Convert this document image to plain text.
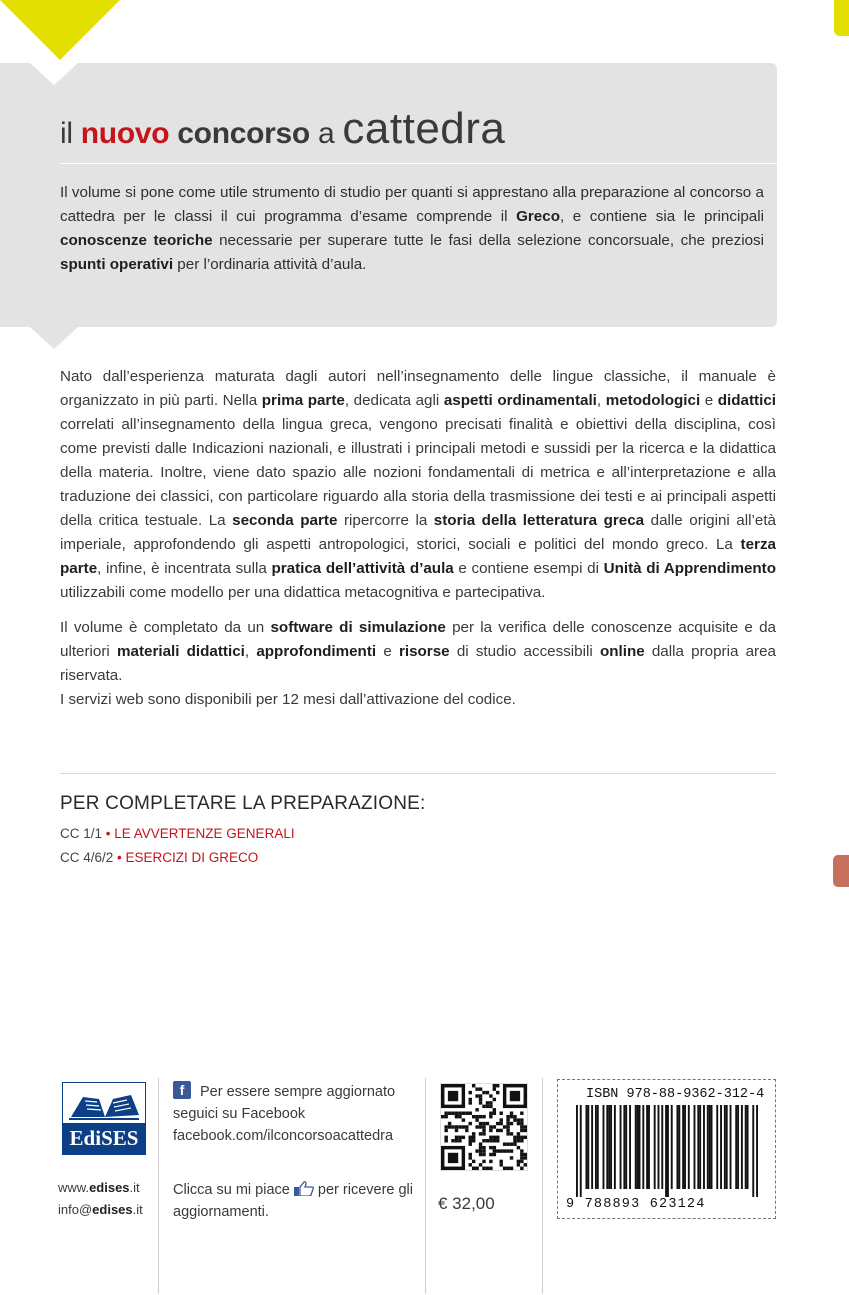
il nuovo concorso a cattedra
Il volume si pone come utile strumento di studio per quanti si apprestano alla preparazione al concorso a cattedra per le classi il cui programma d’esame comprende il Greco, e contiene sia le principali conoscenze teoriche necessarie per superare tutte le fasi della selezione concorsuale, che preziosi spunti operativi per l’ordinaria attività d’aula.

Nato dall’esperienza maturata dagli autori nell’insegnamento delle lingue classiche, il manuale è organizzato in più parti. Nella prima parte, dedicata agli aspetti ordinamentali, metodologici e didattici correlati all’insegnamento della lingua greca, vengono precisati finalità e obiettivi della disciplina, così come previsti dalle Indicazioni nazionali, e illustrati i principali metodi e sussidi per la ricerca e la didattica della materia. Inoltre, viene dato spazio alle nozioni fondamentali di metrica e all’interpretazione e alla traduzione dei classici, con particolare riguardo alla storia della trasmissione dei testi e ai principali aspetti della critica testuale. La seconda parte ripercorre la storia della letteratura greca dalle origini all’età imperiale, approfondendo gli aspetti antropologici, storici, sociali e politici del mondo greco. La terza parte, infine, è incentrata sulla pratica dell’attività d’aula e contiene esempi di Unità di Apprendimento utilizzabili come modello per una didattica metacognitiva e partecipativa.

Il volume è completato da un software di simulazione per la verifica delle conoscenze acquisite e da ulteriori materiali didattici, approfondimenti e risorse di studio accessibili online dalla propria area riservata.

I servizi web sono disponibili per 12 mesi dall’attivazione del codice.

PER COMPLETARE LA PREPARAZIONE:
CC 1/1 • LE AVVERTENZE GENERALI
CC 4/6/2 • ESERCIZI DI GRECO
EdiSES
www.edises.it
info@edises.it
f	Per essere sempre aggiornato
seguici su Facebook
facebook.com/ilconcorsoacattedra
Clicca su mi piace per ricevere gli
aggiornamenti.	€ 32,00
ISBN 978-88-9362-312-4
9 788893 623124
